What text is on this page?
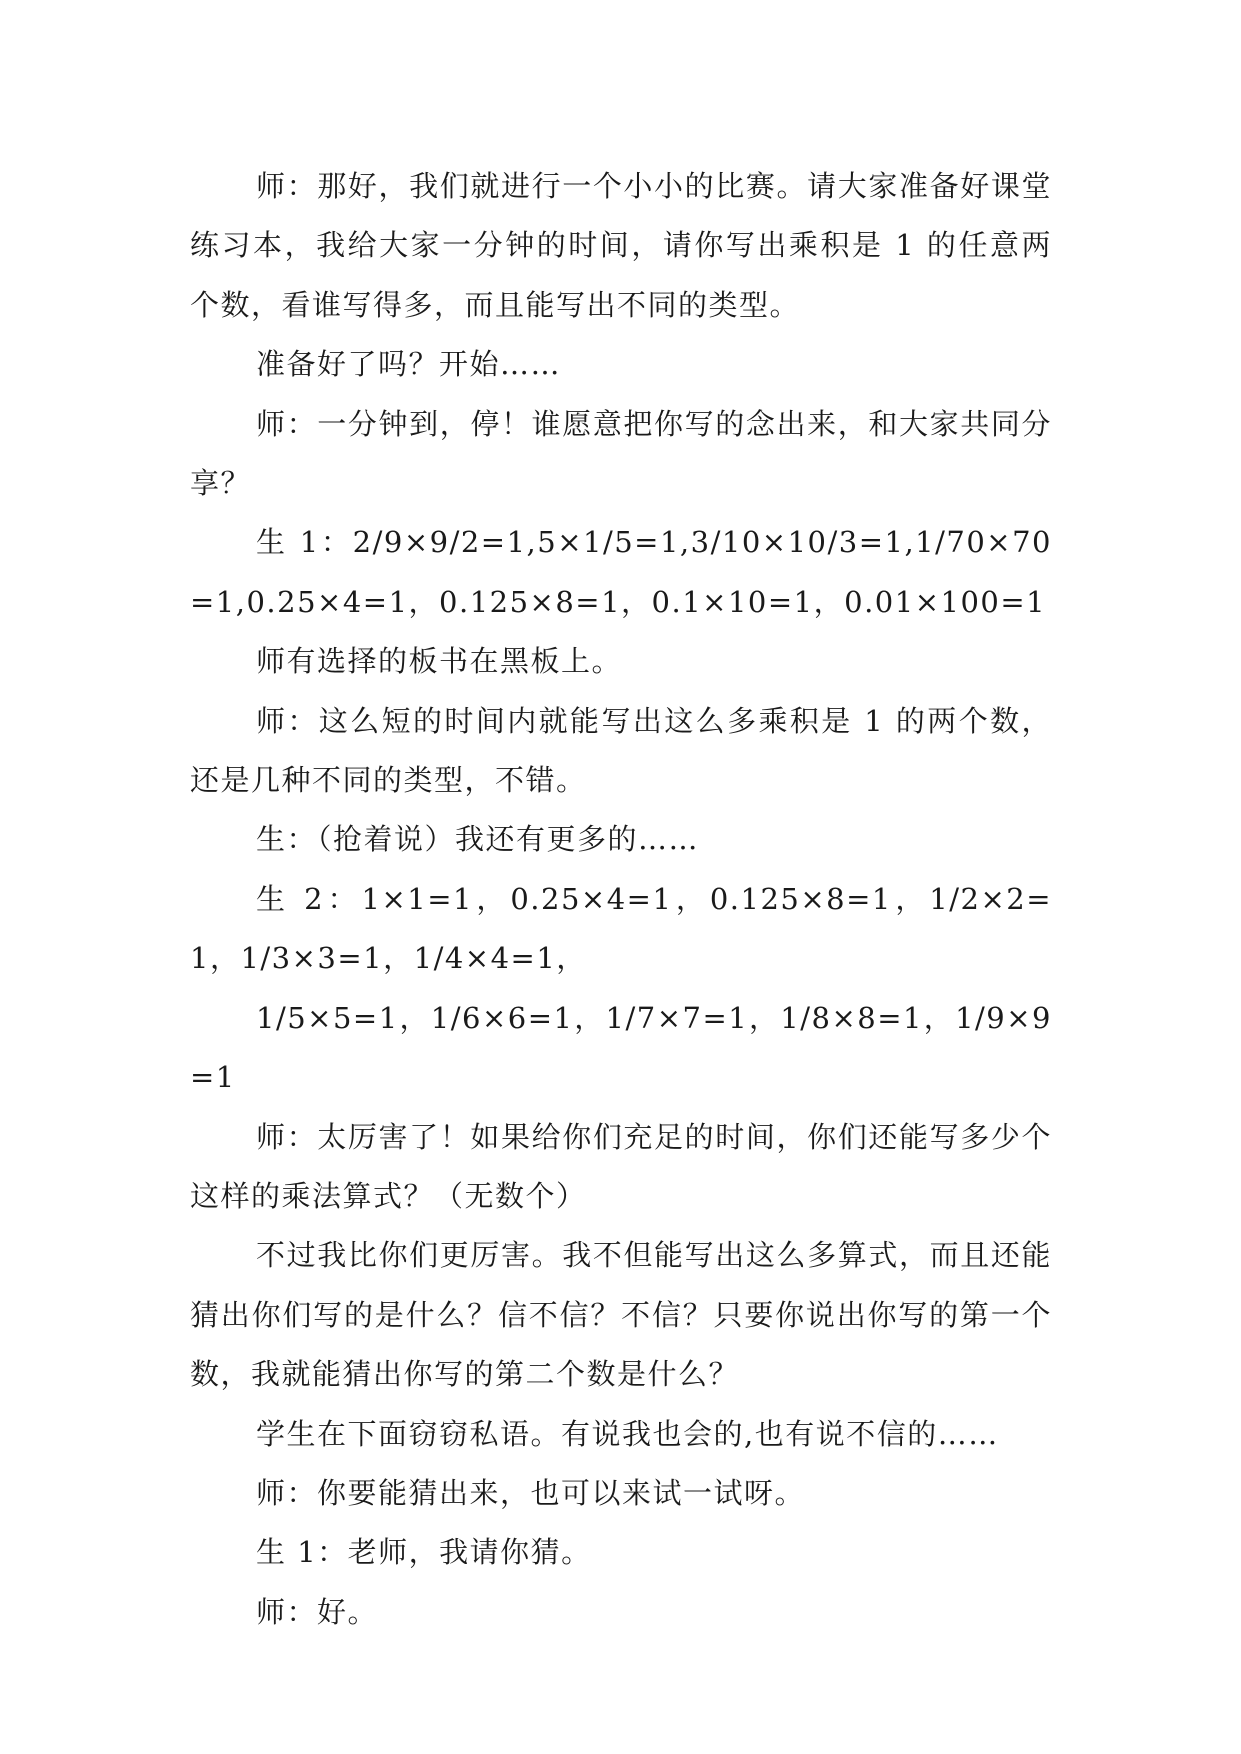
师：那好，我们就进行一个小小的比赛。请大家准备好课堂练习本，我给大家一分钟的时间，请你写出乘积是 1 的任意两个数，看谁写得多，而且能写出不同的类型。

准备好了吗？开始……

师：一分钟到，停！谁愿意把你写的念出来，和大家共同分享？

生 1：2/9×9/2=1,5×1/5=1,3/10×10/3=1,1/70×70=1,0.25×4=1，0.125×8=1，0.1×10=1，0.01×100=1

师有选择的板书在黑板上。

师：这么短的时间内就能写出这么多乘积是 1 的两个数，还是几种不同的类型，不错。

生：（抢着说）我还有更多的……

生 2：1×1=1，0.25×4=1，0.125×8=1，1/2×2=1，1/3×3=1，1/4×4=1，

1/5×5=1，1/6×6=1，1/7×7=1，1/8×8=1，1/9×9=1

师：太厉害了！如果给你们充足的时间，你们还能写多少个这样的乘法算式？（无数个）

不过我比你们更厉害。我不但能写出这么多算式，而且还能猜出你们写的是什么？信不信？不信？只要你说出你写的第一个数，我就能猜出你写的第二个数是什么？

学生在下面窃窃私语。有说我也会的,也有说不信的……

师：你要能猜出来，也可以来试一试呀。

生 1：老师，我请你猜。

师：好。
